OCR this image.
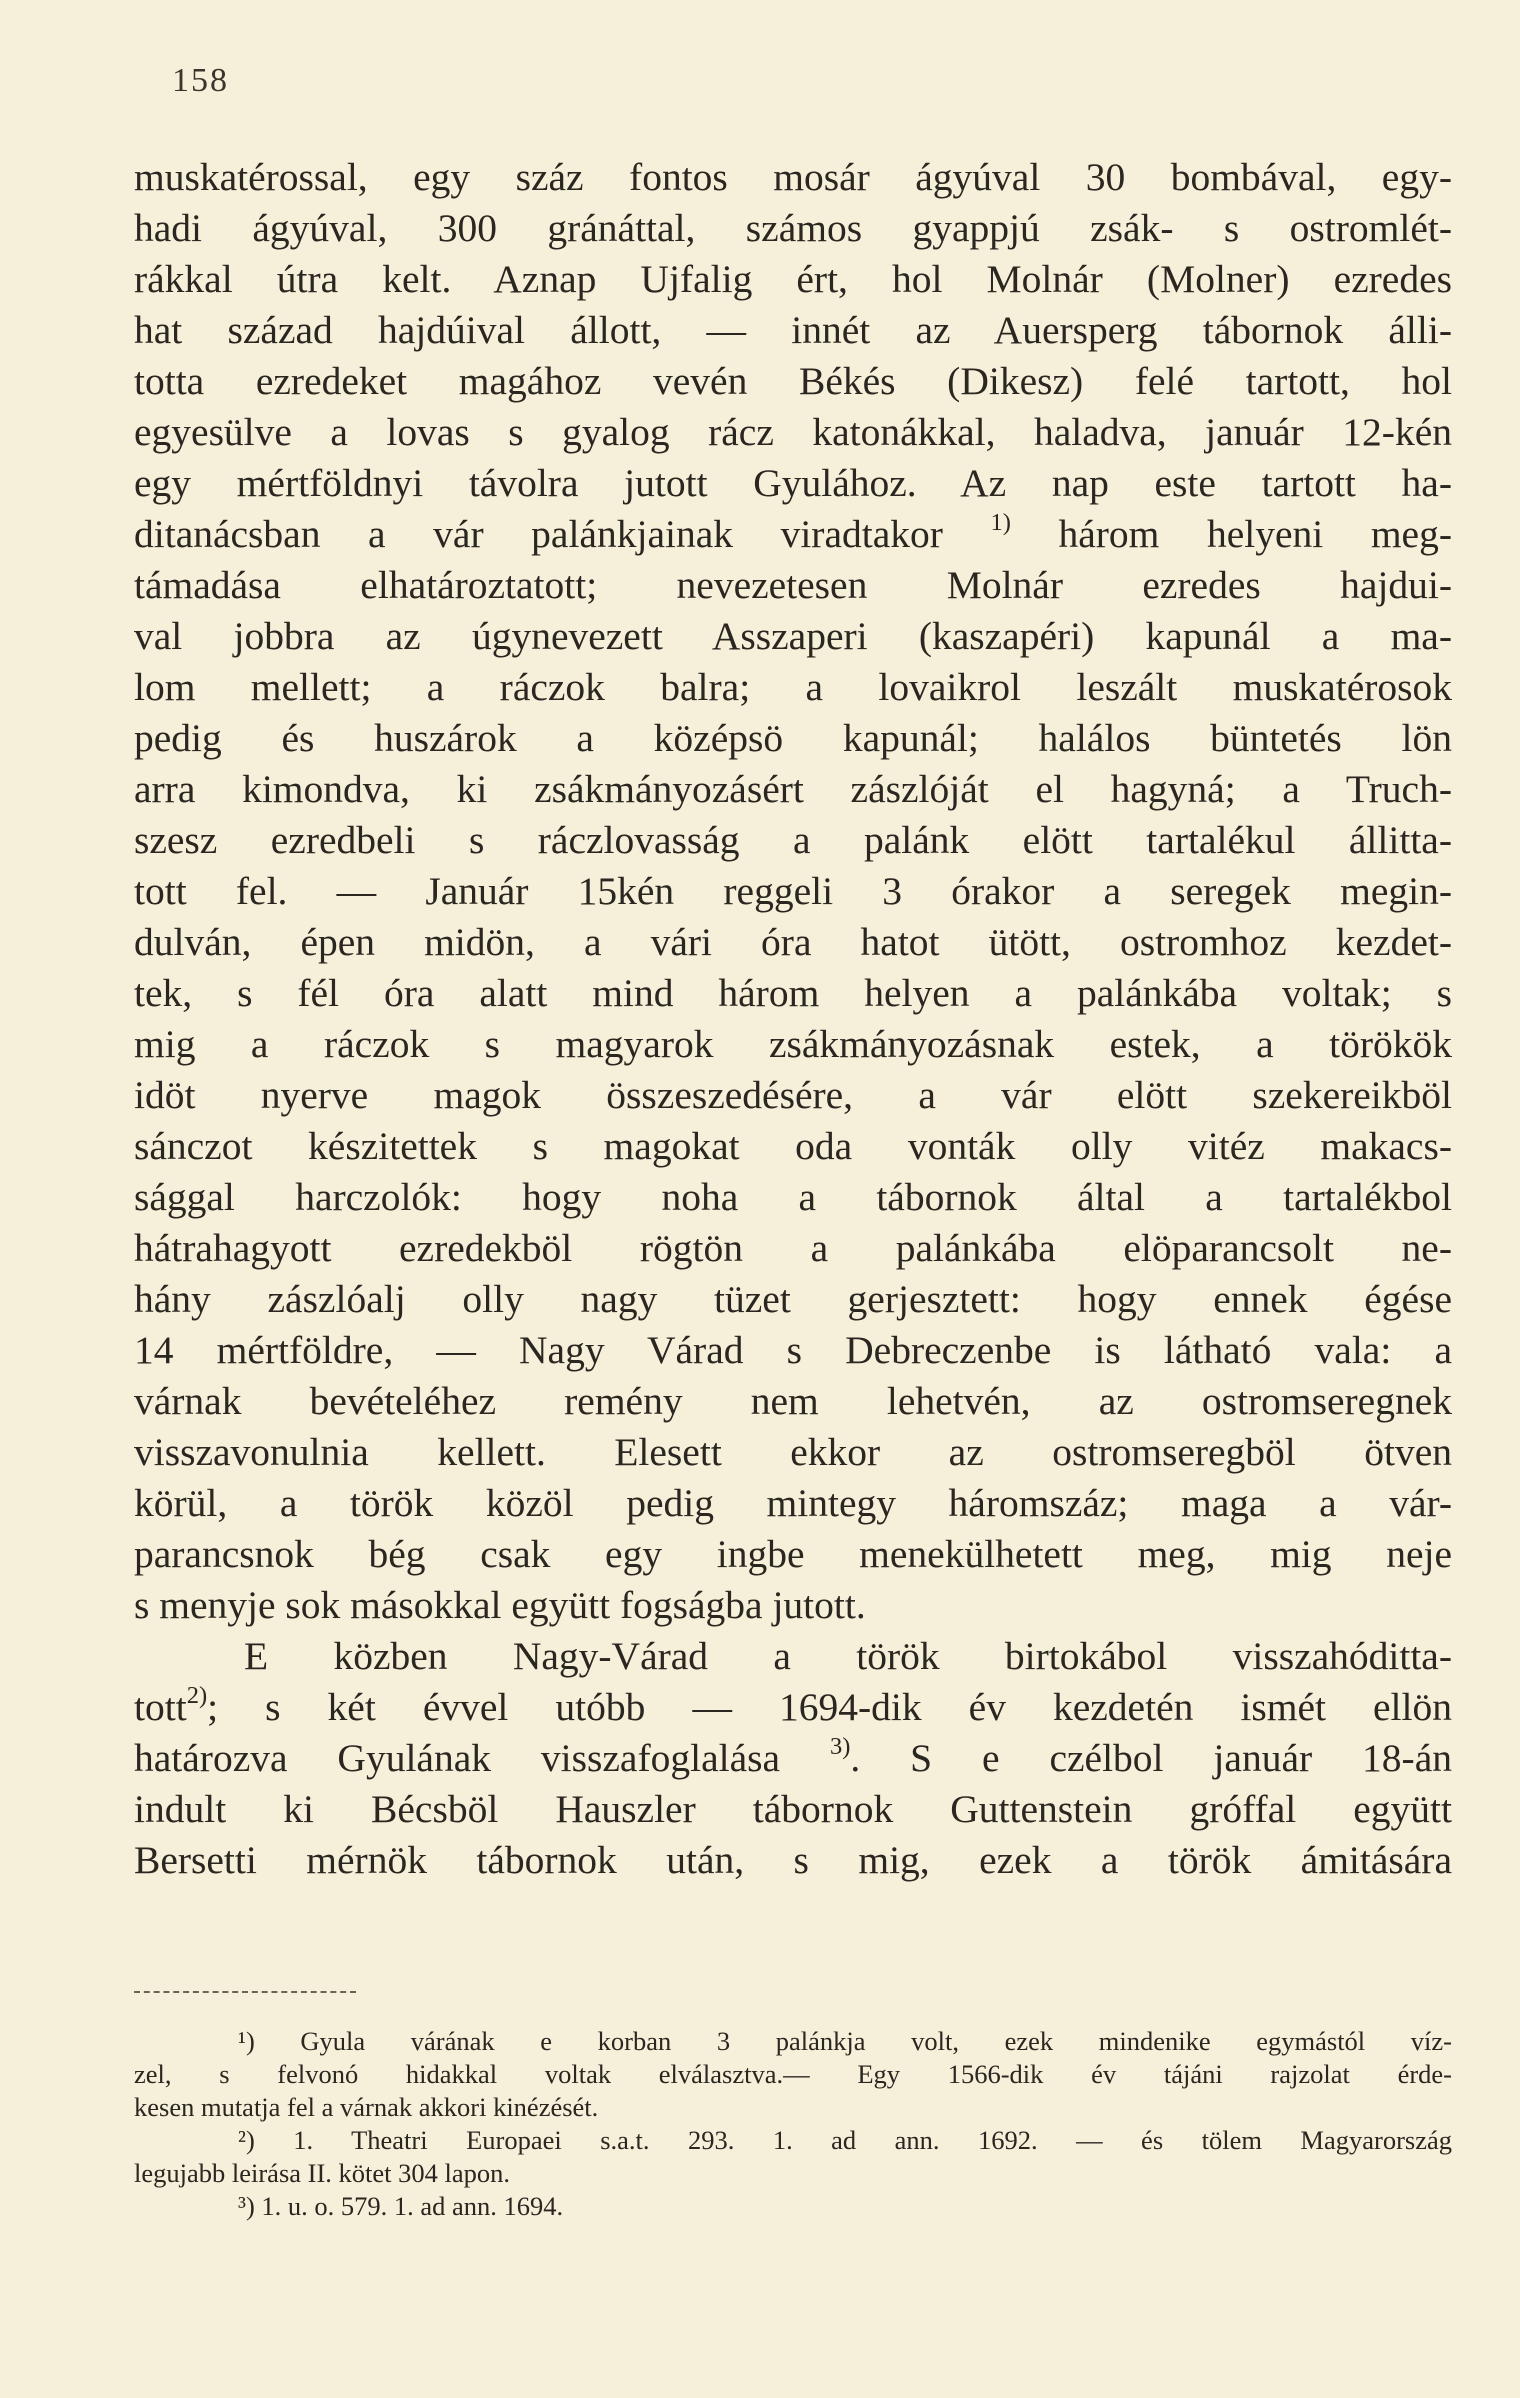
158
muskatérossal, egy száz fontos mosár ágyúval 30 bombával, egy-
hadi ágyúval, 300 gránáttal, számos gyappjú zsák- s ostromlét-
rákkal útra kelt. Aznap Ujfalig ért, hol Molnár (Molner) ezredes
hat század hajdúival állott, — innét az Auersperg tábornok álli-
totta ezredeket magához vevén Békés (Dikesz) felé tartott, hol
egyesülve a lovas s gyalog rácz katonákkal, haladva, január 12-kén
egy mértföldnyi távolra jutott Gyulához. Az nap este tartott ha-
ditanácsban a vár palánkjainak viradtakor $^{1)}$ három helyeni meg-
támadása elhatároztatott; nevezetesen Molnár ezredes hajdui-
val jobbra az úgynevezett Asszaperi (kaszapéri) kapunál a ma-
lom mellett; a ráczok balra; a lovaikrol leszált muskatérosok
pedig és huszárok a középsö kapunál; halálos büntetés lön
arra kimondva, ki zsákmányozásért zászlóját el hagyná; a Truch-
szesz ezredbeli s ráczlovasság a palánk elött tartalékul állitta-
tott fel. — Január 15kén reggeli 3 órakor a seregek megin-
dulván, épen midön, a vári óra hatot ütött, ostromhoz kezdet-
tek, s fél óra alatt mind három helyen a palánkába voltak; s
mig a ráczok s magyarok zsákmányozásnak estek, a törökök
idöt nyerve magok összeszedésére, a vár elött szekereikböl
sánczot készitettek s magokat oda vonták olly vitéz makacs-
sággal harczolók: hogy noha a tábornok által a tartalékbol
hátrahagyott ezredekböl rögtön a palánkába elöparancsolt ne-
hány zászlóalj olly nagy tüzet gerjesztett: hogy ennek égése
14 mértföldre, — Nagy Várad s Debreczenbe is látható vala: a
várnak bevételéhez remény nem lehetvén, az ostromseregnek
visszavonulnia kellett. Elesett ekkor az ostromseregböl ötven
körül, a török közöl pedig mintegy háromszáz; maga a vár-
parancsnok bég csak egy ingbe menekülhetett meg, mig neje
s menyje sok másokkal együtt fogságba jutott.
E közben Nagy-Várad a török birtokábol visszahóditta-
tott$^{2)}$; s két évvel utóbb — 1694-dik év kezdetén ismét ellön
határozva Gyulának visszafoglalása $^{3)}$. S e czélbol január 18-án
indult ki Bécsböl Hauszler tábornok Guttenstein gróffal együtt
Bersetti mérnök tábornok után, s mig, ezek a török ámitására
¹) Gyula várának e korban 3 palánkja volt, ezek mindenike egymástól víz-
zel, s felvonó hidakkal voltak elválasztva.— Egy 1566-dik év tájáni rajzolat érde-
kesen mutatja fel a várnak akkori kinézését.
²) 1. Theatri Europaei s.a.t. 293. 1. ad ann. 1692. — és tölem Magyarország
legujabb leirása II. kötet 304 lapon.
³) 1. u. o. 579. 1. ad ann. 1694.
